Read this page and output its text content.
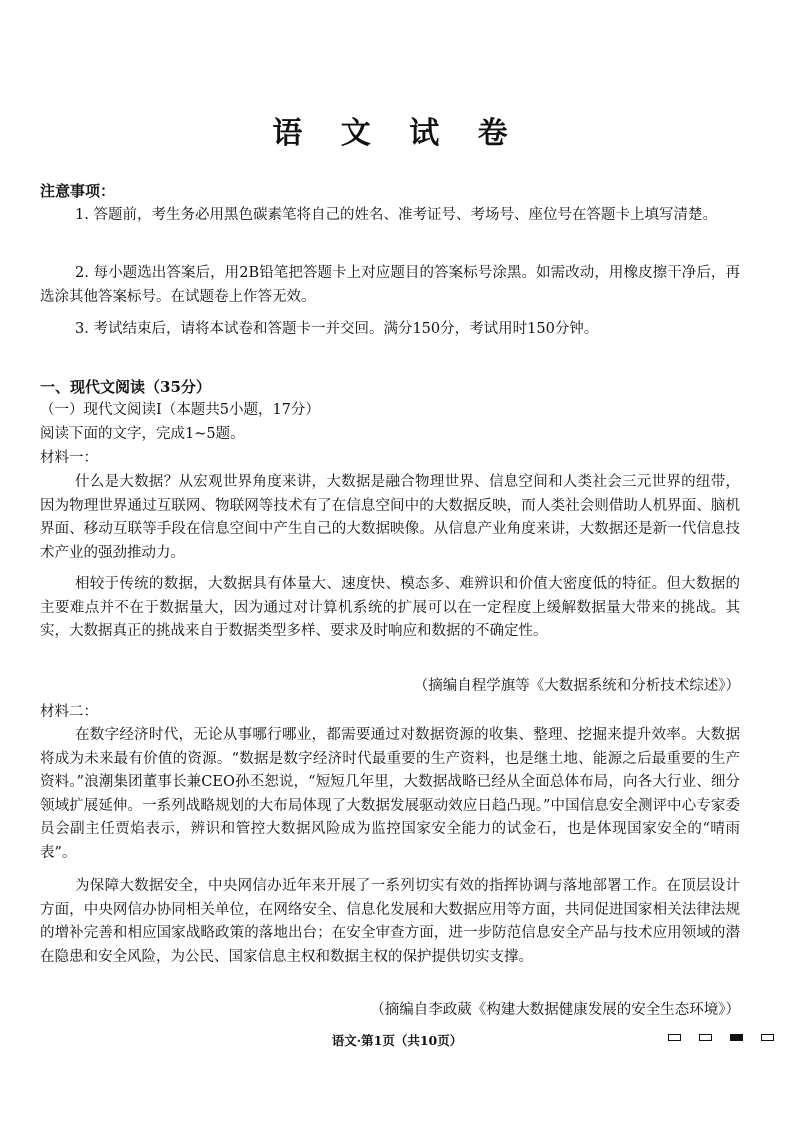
语 文 试 卷
注意事项：
1. 答题前，考生务必用黑色碳素笔将自己的姓名、准考证号、考场号、座位号在答题卡上填写清楚。
2. 每小题选出答案后，用2B铅笔把答题卡上对应题目的答案标号涂黑。如需改动，用橡皮擦干净后，再选涂其他答案标号。在试题卷上作答无效。
3. 考试结束后，请将本试卷和答题卡一并交回。满分150分，考试用时150分钟。
一、现代文阅读（35分）
（一）现代文阅读Ⅰ（本题共5小题，17分）
阅读下面的文字，完成1~5题。
材料一：
什么是大数据？从宏观世界角度来讲，大数据是融合物理世界、信息空间和人类社会三元世界的纽带，因为物理世界通过互联网、物联网等技术有了在信息空间中的大数据反映，而人类社会则借助人机界面、脑机界面、移动互联等手段在信息空间中产生自己的大数据映像。从信息产业角度来讲，大数据还是新一代信息技术产业的强劲推动力。
相较于传统的数据，大数据具有体量大、速度快、模态多、难辨识和价值大密度低的特征。但大数据的主要难点并不在于数据量大，因为通过对计算机系统的扩展可以在一定程度上缓解数据量大带来的挑战。其实，大数据真正的挑战来自于数据类型多样、要求及时响应和数据的不确定性。
（摘编自程学旗等《大数据系统和分析技术综述》）
材料二：
在数字经济时代，无论从事哪行哪业，都需要通过对数据资源的收集、整理、挖掘来提升效率。大数据将成为未来最有价值的资源。“数据是数字经济时代最重要的生产资料，也是继土地、能源之后最重要的生产资料。”浪潮集团董事长兼CEO孙丕恕说，“短短几年里，大数据战略已经从全面总体布局，向各大行业、细分领域扩展延伸。一系列战略规划的大布局体现了大数据发展驱动效应日趋凸现。”中国信息安全测评中心专家委员会副主任贾焰表示，辨识和管控大数据风险成为监控国家安全能力的试金石，也是体现国家安全的“晴雨表”。
为保障大数据安全，中央网信办近年来开展了一系列切实有效的指挥协调与落地部署工作。在顶层设计方面，中央网信办协同相关单位，在网络安全、信息化发展和大数据应用等方面，共同促进国家相关法律法规的增补完善和相应国家战略政策的落地出台；在安全审查方面，进一步防范信息安全产品与技术应用领域的潜在隐患和安全风险，为公民、国家信息主权和数据主权的保护提供切实支撑。
（摘编自李政葳《构建大数据健康发展的安全生态环境》）
语文·第1页（共10页）
